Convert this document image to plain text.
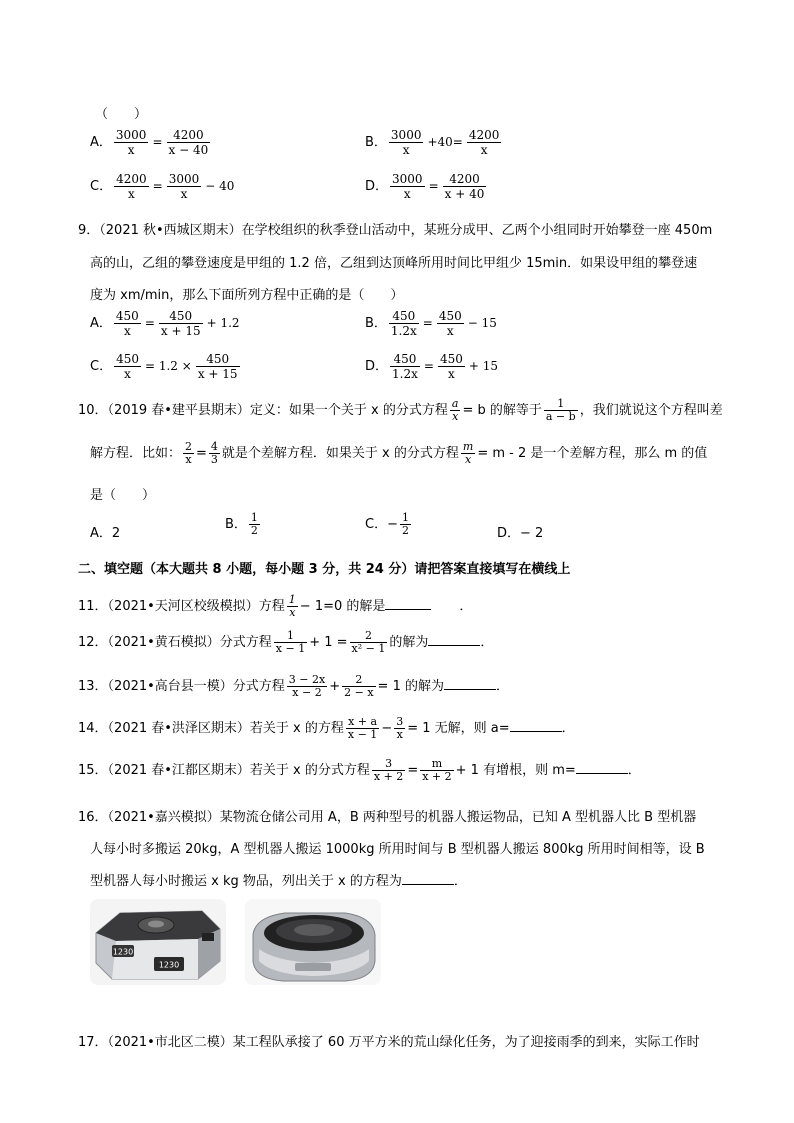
（　　）
A． $\frac{3000}{x} = \frac{4200}{x - 40}$	B． $\frac{3000}{x} +40= \frac{4200}{x}$
C． $\frac{4200}{x} = \frac{3000}{x} - 40$	D． $\frac{3000}{x} = \frac{4200}{x + 40}$
9．（2021 秋•西城区期末）在学校组织的秋季登山活动中，某班分成甲、乙两个小组同时开始攀登一座 450m
高的山，乙组的攀登速度是甲组的 1.2 倍，乙组到达顶峰所用时间比甲组少 15min．如果设甲组的攀登速
度为 xm/min，那么下面所列方程中正确的是（　　）
A． $\frac{450}{x} = \frac{450}{x + 15} + 1.2$	B． $\frac{450}{1.2x} = \frac{450}{x} - 15$
C． $\frac{450}{x} = 1.2 \times \frac{450}{x + 15}$	D． $\frac{450}{1.2x} = \frac{450}{x} + 15$
10．（2019 春•建平县期末）定义：如果一个关于 x 的分式方程 $\frac{a}{x} = b$ 的解等于 $\frac{1}{a - b}$ ，我们就说这个方程叫差
解方程．比如： $\frac{2}{x} = \frac{4}{3}$ 就是个差解方程．如果关于 x 的分式方程 $\frac{m}{x} = m - 2$ 是一个差解方程，那么 m 的值
是（　　）
A．2
B． $\frac{1}{2}$	C．− $\frac{1}{2}$	D．− 2
二、填空题（本大题共 8 小题，每小题 3 分，共 24 分）请把答案直接填写在横线上
11．（2021•天河区校级模拟）方程 $\frac{1}{x} - 1=0$ 的解是	．
12．（2021•黄石模拟）分式方程 $\frac{1}{x - 1} + 1 = \frac{2}{\text{x² − 1}}$ 的解为	．
13．（2021•高台县一模）分式方程 $\frac{3 - 2x}{x - 2} + \frac{2}{2 - x} = 1$ 的解为	．
14．（2021 春•洪泽区期末）若关于 x 的方程 $\frac{x + a}{x - 1} - \frac{3}{x} = 1$ 无解，则 a=	．
15．（2021 春•江都区期末）若关于 x 的分式方程 $\frac{3}{x + 2} = \frac{m}{x + 2} + 1$ 有增根，则 m=	．
16．（2021•嘉兴模拟）某物流仓储公司用 A，B 两种型号的机器人搬运物品，已知 A 型机器人比 B 型机器
人每小时多搬运 20kg，A 型机器人搬运 1000kg 所用时间与 B 型机器人搬运 800kg 所用时间相等，设 B
型机器人每小时搬运 x kg 物品，列出关于 x 的方程为	．
1230
1230
17．（2021•市北区二模）某工程队承接了 60 万平方米的荒山绿化任务，为了迎接雨季的到来，实际工作时
